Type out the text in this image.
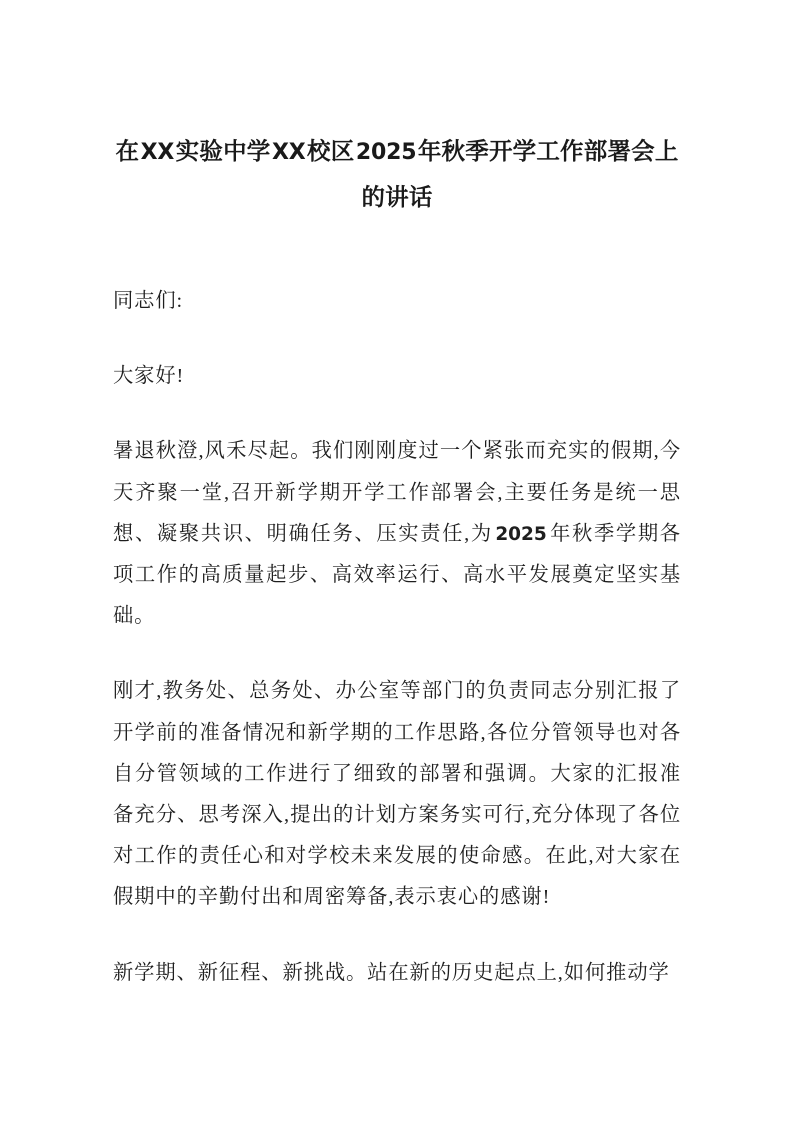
在XX实验中学XX校区2025年秋季开学工作部署会上的讲话

同志们:

大家好!

暑退秋澄,风禾尽起。我们刚刚度过一个紧张而充实的假期,今天齐聚一堂,召开新学期开学工作部署会,主要任务是统一思想、凝聚共识、明确任务、压实责任,为 2025 年秋季学期各项工作的高质量起步、高效率运行、高水平发展奠定坚实基础。

刚才,教务处、总务处、办公室等部门的负责同志分别汇报了开学前的准备情况和新学期的工作思路,各位分管领导也对各自分管领域的工作进行了细致的部署和强调。大家的汇报准备充分、思考深入,提出的计划方案务实可行,充分体现了各位对工作的责任心和对学校未来发展的使命感。在此,对大家在假期中的辛勤付出和周密筹备,表示衷心的感谢!

新学期、新征程、新挑战。站在新的历史起点上,如何推动学
